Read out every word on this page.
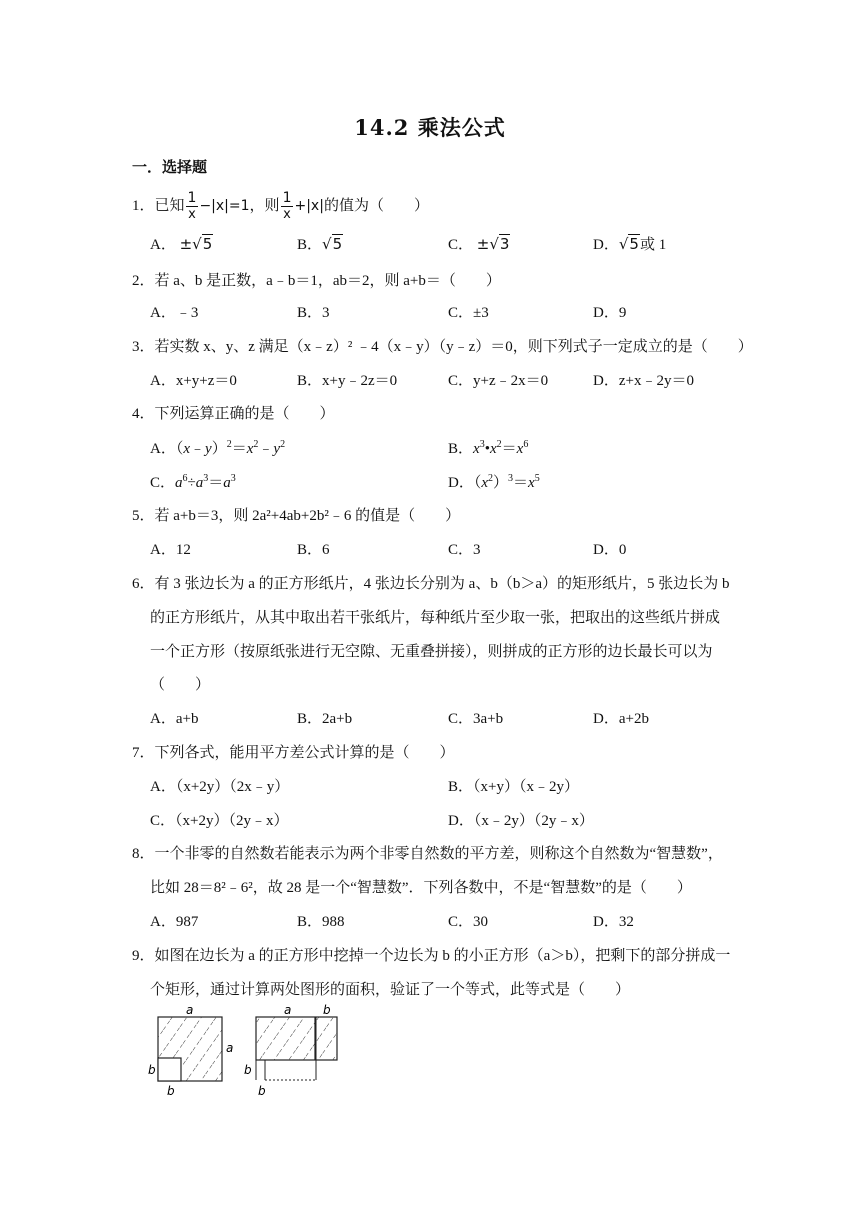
14.2 乘法公式
一．选择题
1．已知 $\frac{1}{x} -|x|=1$，则 $\frac{1}{x} +|x|$的值为（　　）
A． ±√5	B．√5	C． ±√3	D．√5或 1
2．若 a、b 是正数，a﹣b＝1，ab＝2，则 a+b＝（　　）
A．﹣3	B．3	C．±3	D．9
3．若实数 x、y、z 满足（x﹣z）² ﹣4（x﹣y）（y﹣z）＝0，则下列式子一定成立的是（　　）
A．x+y+z＝0	B．x+y﹣2z＝0	C．y+z﹣2x＝0	D．z+x﹣2y＝0
4．下列运算正确的是（　　）
A．$(x﹣y)^2=x^2﹣y^2$	B．$x^3•x^2=x^6$
C．$a^6\div a^3=a^3$	D．$(x^2)^3=x^5$
5．若 a+b＝3，则 2a²+4ab+2b²﹣6 的值是（　　）
A．12	B．6	C．3	D．0
6．有 3 张边长为 a 的正方形纸片，4 张边长分别为 a、b（b＞a）的矩形纸片，5 张边长为 b
的正方形纸片，从其中取出若干张纸片，每种纸片至少取一张，把取出的这些纸片拼成
一个正方形（按原纸张进行无空隙、无重叠拼接），则拼成的正方形的边长最长可以为
（　　）
A．a+b	B．2a+b	C．3a+b	D．a+2b
7．下列各式，能用平方差公式计算的是（　　）
A．（x+2y）（2x﹣y）	B．（x+y）（x﹣2y）
C．（x+2y）（2y﹣x）	D．（x﹣2y）（2y﹣x）
8．一个非零的自然数若能表示为两个非零自然数的平方差，则称这个自然数为“智慧数”，
比如 28＝8²﹣6²，故 28 是一个“智慧数”．下列各数中，不是“智慧数”的是（　　）
A．987	B．988	C．30	D．32
9．如图在边长为 a 的正方形中挖掉一个边长为 b 的小正方形（a＞b），把剩下的部分拼成一
个矩形，通过计算两处图形的面积，验证了一个等式，此等式是（　　）
a
a
b
b
a	b
b
b
